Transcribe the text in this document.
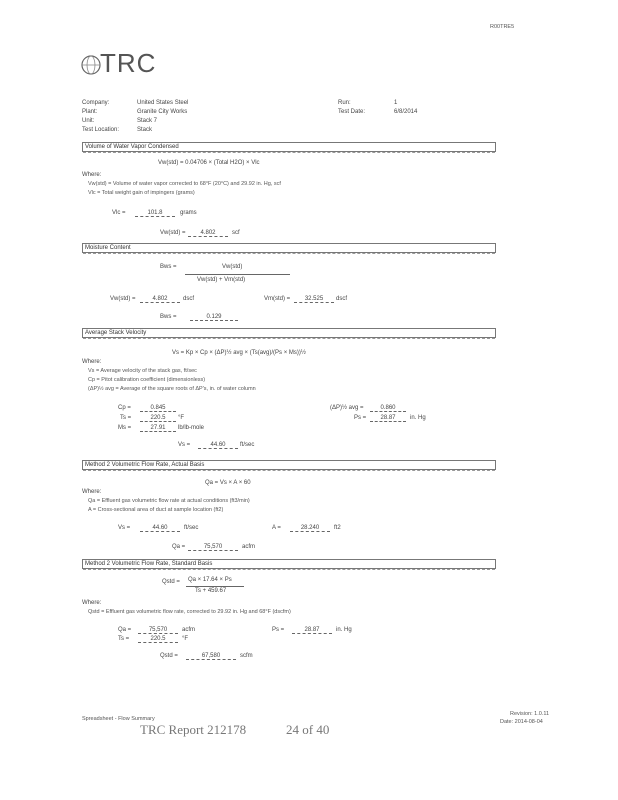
R00TRE5
TRC
Company:	United States Steel
Plant:	Granite City Works
Unit:	Stack 7
Test Location:	Stack
Run:	1
Test Date:	6/8/2014
Volume of Water Vapor Condensed
Vw(std) = 0.04706 × (Total H2O) × Vlc
Where:
Vw(std) = Volume of water vapor corrected to 68°F (20°C) and 29.92 in. Hg, scf
Vlc = Total weight gain of impingers (grams)
Vlc =	101.8	grams
Vw(std) =	4.802	scf
Moisture Content
Bws =	Vw(std)
Vw(std) + Vm(std)
Vw(std) =	4.802	dscf	Vm(std) =	32.525	dscf
Bws =	0.129
Average Stack Velocity
Vs = Kp × Cp × (ΔP)½ avg × (Ts(avg)/(Ps × Ms))½
Where:
Vs = Average velocity of the stack gas, ft/sec
Cp = Pitot calibration coefficient (dimensionless)
(ΔP)½ avg = Average of the square roots of ΔP's, in. of water column
Cp =	0.845
Ts =	220.5	°F
Ms =	27.91	lb/lb-mole
(ΔP)½ avg =	0.860
Ps =	28.87	in. Hg
Vs =	44.60	ft/sec
Method 2 Volumetric Flow Rate, Actual Basis
Qa = Vs × A × 60
Where:
Qa = Effluent gas volumetric flow rate at actual conditions (ft3/min)
A = Cross-sectional area of duct at sample location (ft2)
Vs =	44.60	ft/sec	A =	28.240	ft2
Qa =	75,570	acfm
Method 2 Volumetric Flow Rate, Standard Basis
Qstd = Qa × 17.64 × Ps
Ts + 459.67
Where:
Qstd = Effluent gas volumetric flow rate, corrected to 29.92 in. Hg and 68°F (dscfm)
Qa =	75,570	acfm
Ts =	220.5	°F
Ps =	28.87	in. Hg
Qstd =	67,580	scfm
Spreadsheet - Flow Summary
TRC Report 212178	24 of 40
Revision: 1.0.11
Date: 2014-08-04
